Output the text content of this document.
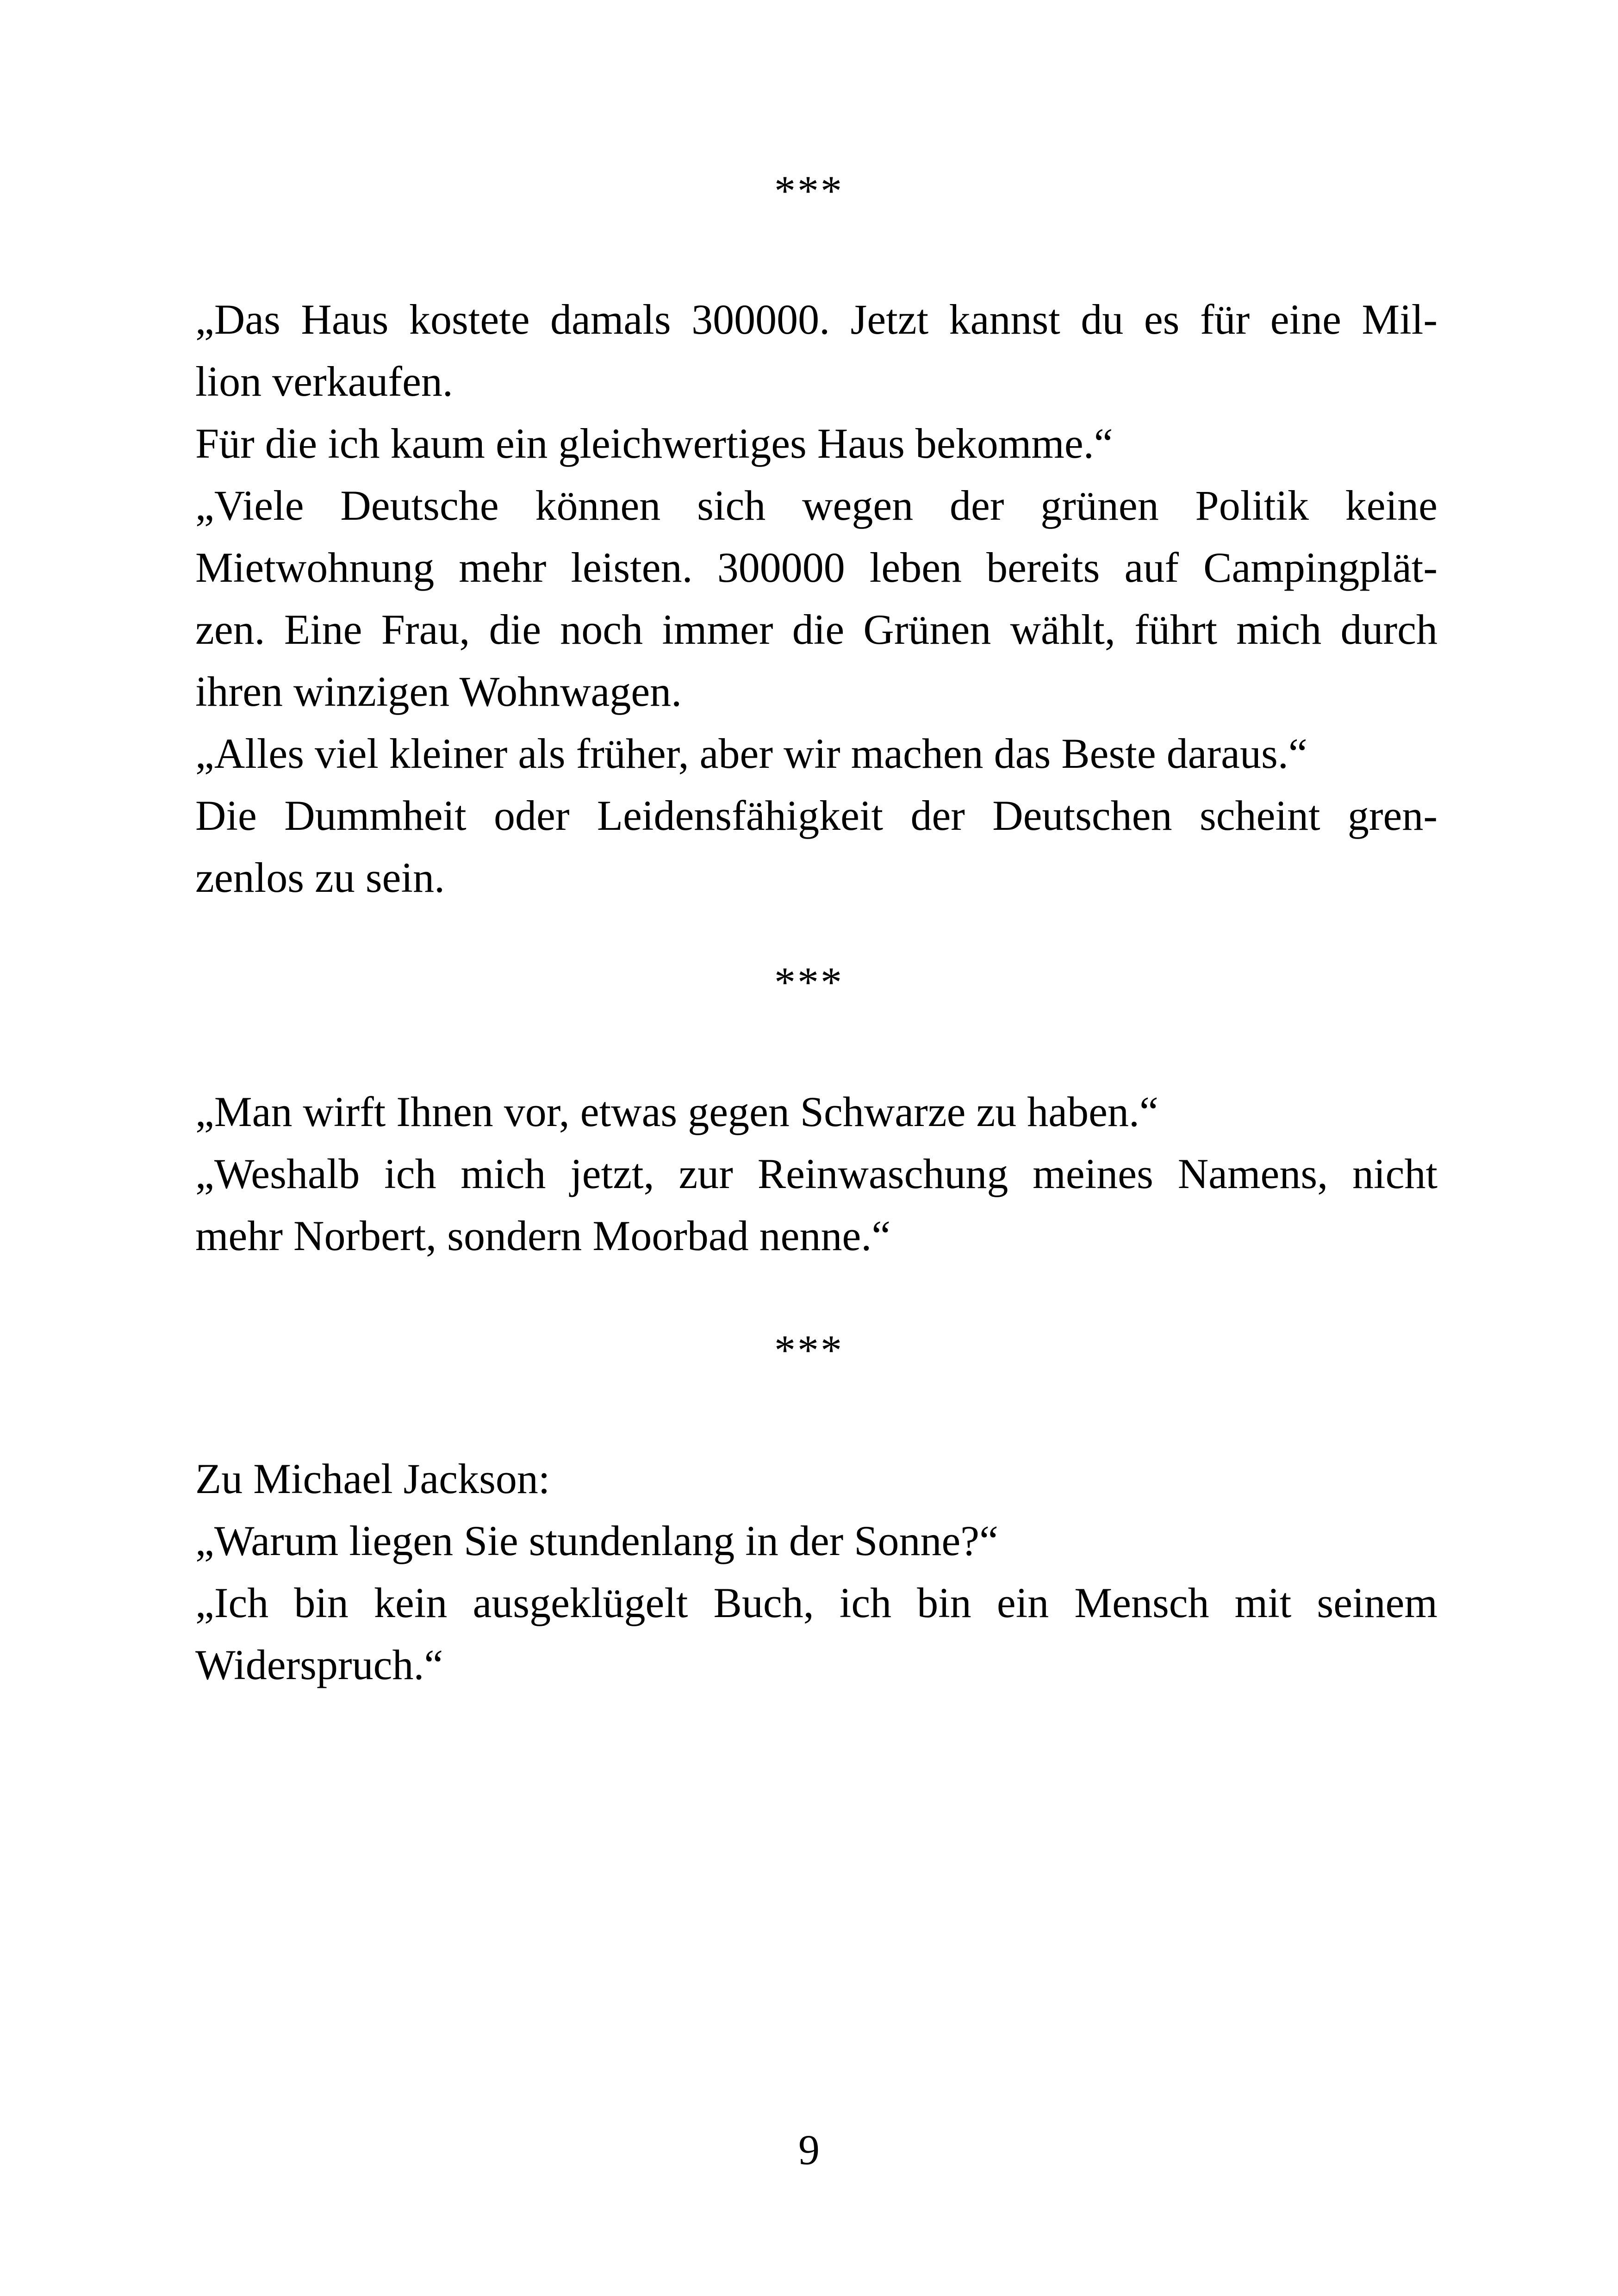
***
„Das Haus kostete damals 300000. Jetzt kannst du es für eine Mil-
lion verkaufen.
Für die ich kaum ein gleichwertiges Haus bekomme.“
„Viele Deutsche können sich wegen der grünen Politik keine
Mietwohnung mehr leisten. 300000 leben bereits auf Campingplät-
zen. Eine Frau, die noch immer die Grünen wählt, führt mich durch
ihren winzigen Wohnwagen.
„Alles viel kleiner als früher, aber wir machen das Beste daraus.“
Die Dummheit oder Leidensfähigkeit der Deutschen scheint gren-
zenlos zu sein.
***
„Man wirft Ihnen vor, etwas gegen Schwarze zu haben.“
„Weshalb ich mich jetzt, zur Reinwaschung meines Namens, nicht
mehr Norbert, sondern Moorbad nenne.“
***
Zu Michael Jackson:
„Warum liegen Sie stundenlang in der Sonne?“
„Ich bin kein ausgeklügelt Buch, ich bin ein Mensch mit seinem
Widerspruch.“
9
